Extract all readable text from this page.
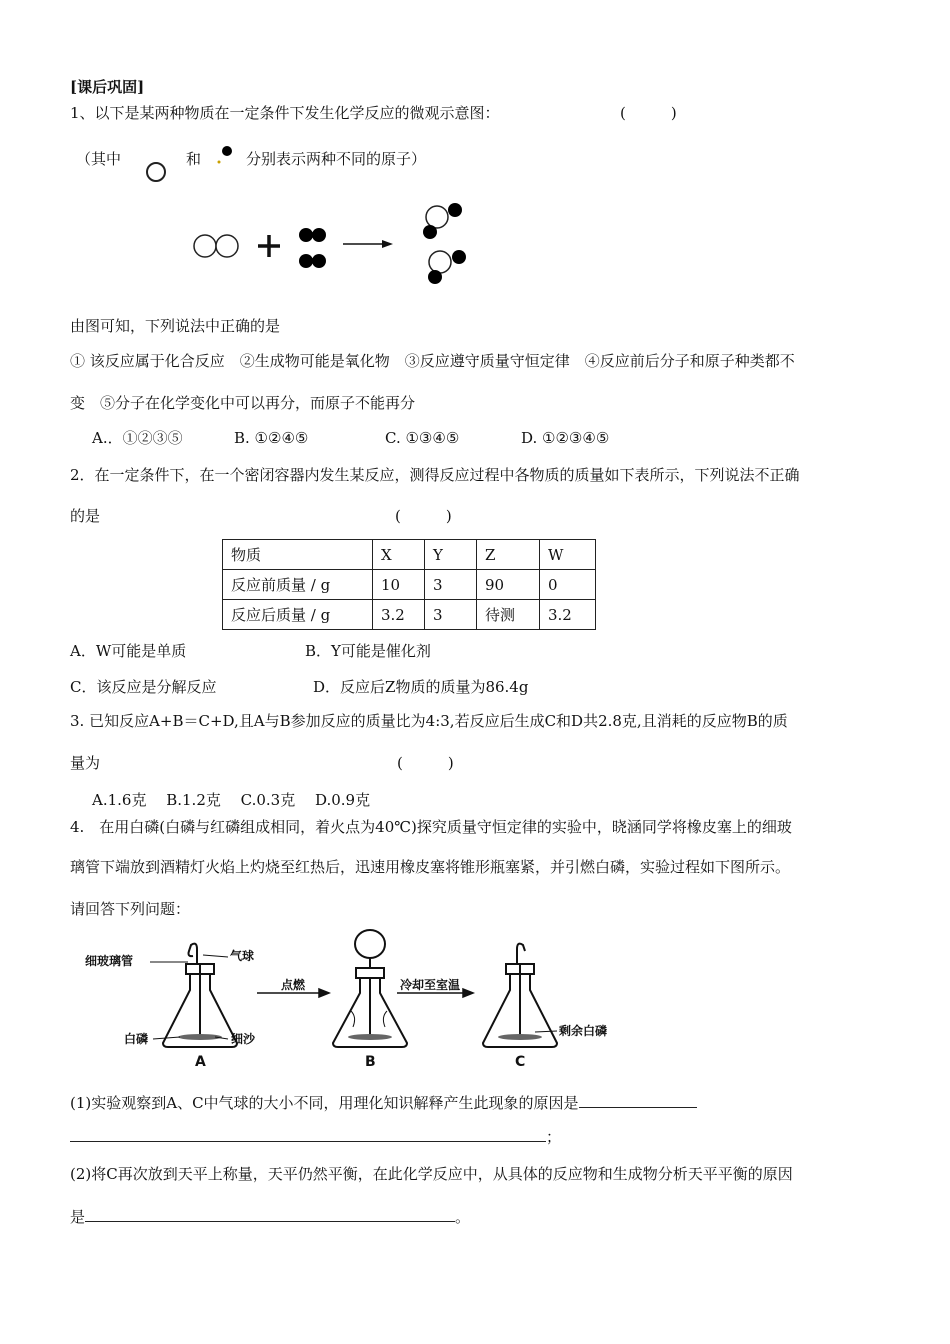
[课后巩固]
1、以下是某两种物质在一定条件下发生化学反应的微观示意图：	(　　　)
（其中	和	分别表示两种不同的原子）
由图可知，下列说法中正确的是
① 该反应属于化合反应　②生成物可能是氧化物　③反应遵守质量守恒定律　④反应前后分子和原子种类都不
变　⑤分子在化学变化中可以再分，而原子不能再分
A.．①②③⑤	B. ①②④⑤	C. ①③④⑤	D. ①②③④⑤
2．在一定条件下，在一个密闭容器内发生某反应，测得反应过程中各物质的质量如下表所示，下列说法不正确
的是	(　　　)
物质	X	Y	Z	W
反应前质量 / g	10	3	90	0
反应后质量 / g	3.2	3	待测	3.2
A．W可能是单质	B．Y可能是催化剂
C．该反应是分解反应	D．反应后Z物质的质量为86.4g
3. 已知反应A+B＝C+D,且A与B参加反应的质量比为4:3,若反应后生成C和D共2.8克,且消耗的反应物B的质
量为	(　　　)
A.1.6克　 B.1.2克　 C.0.3克　 D.0.9克
4.　在用白磷(白磷与红磷组成相同，着火点为40℃)探究质量守恒定律的实验中，晓涵同学将橡皮塞上的细玻
璃管下端放到酒精灯火焰上灼烧至红热后，迅速用橡皮塞将锥形瓶塞紧，并引燃白磷，实验过程如下图所示。
请回答下列问题：
细玻璃管	气球
白磷	细沙
点燃	冷却至室温
剩余白磷
A	B	C
(1)实验观察到A、C中气球的大小不同，用理化知识解释产生此现象的原因是
；
(2)将C再次放到天平上称量，天平仍然平衡，在此化学反应中，从具体的反应物和生成物分析天平平衡的原因
是	。
